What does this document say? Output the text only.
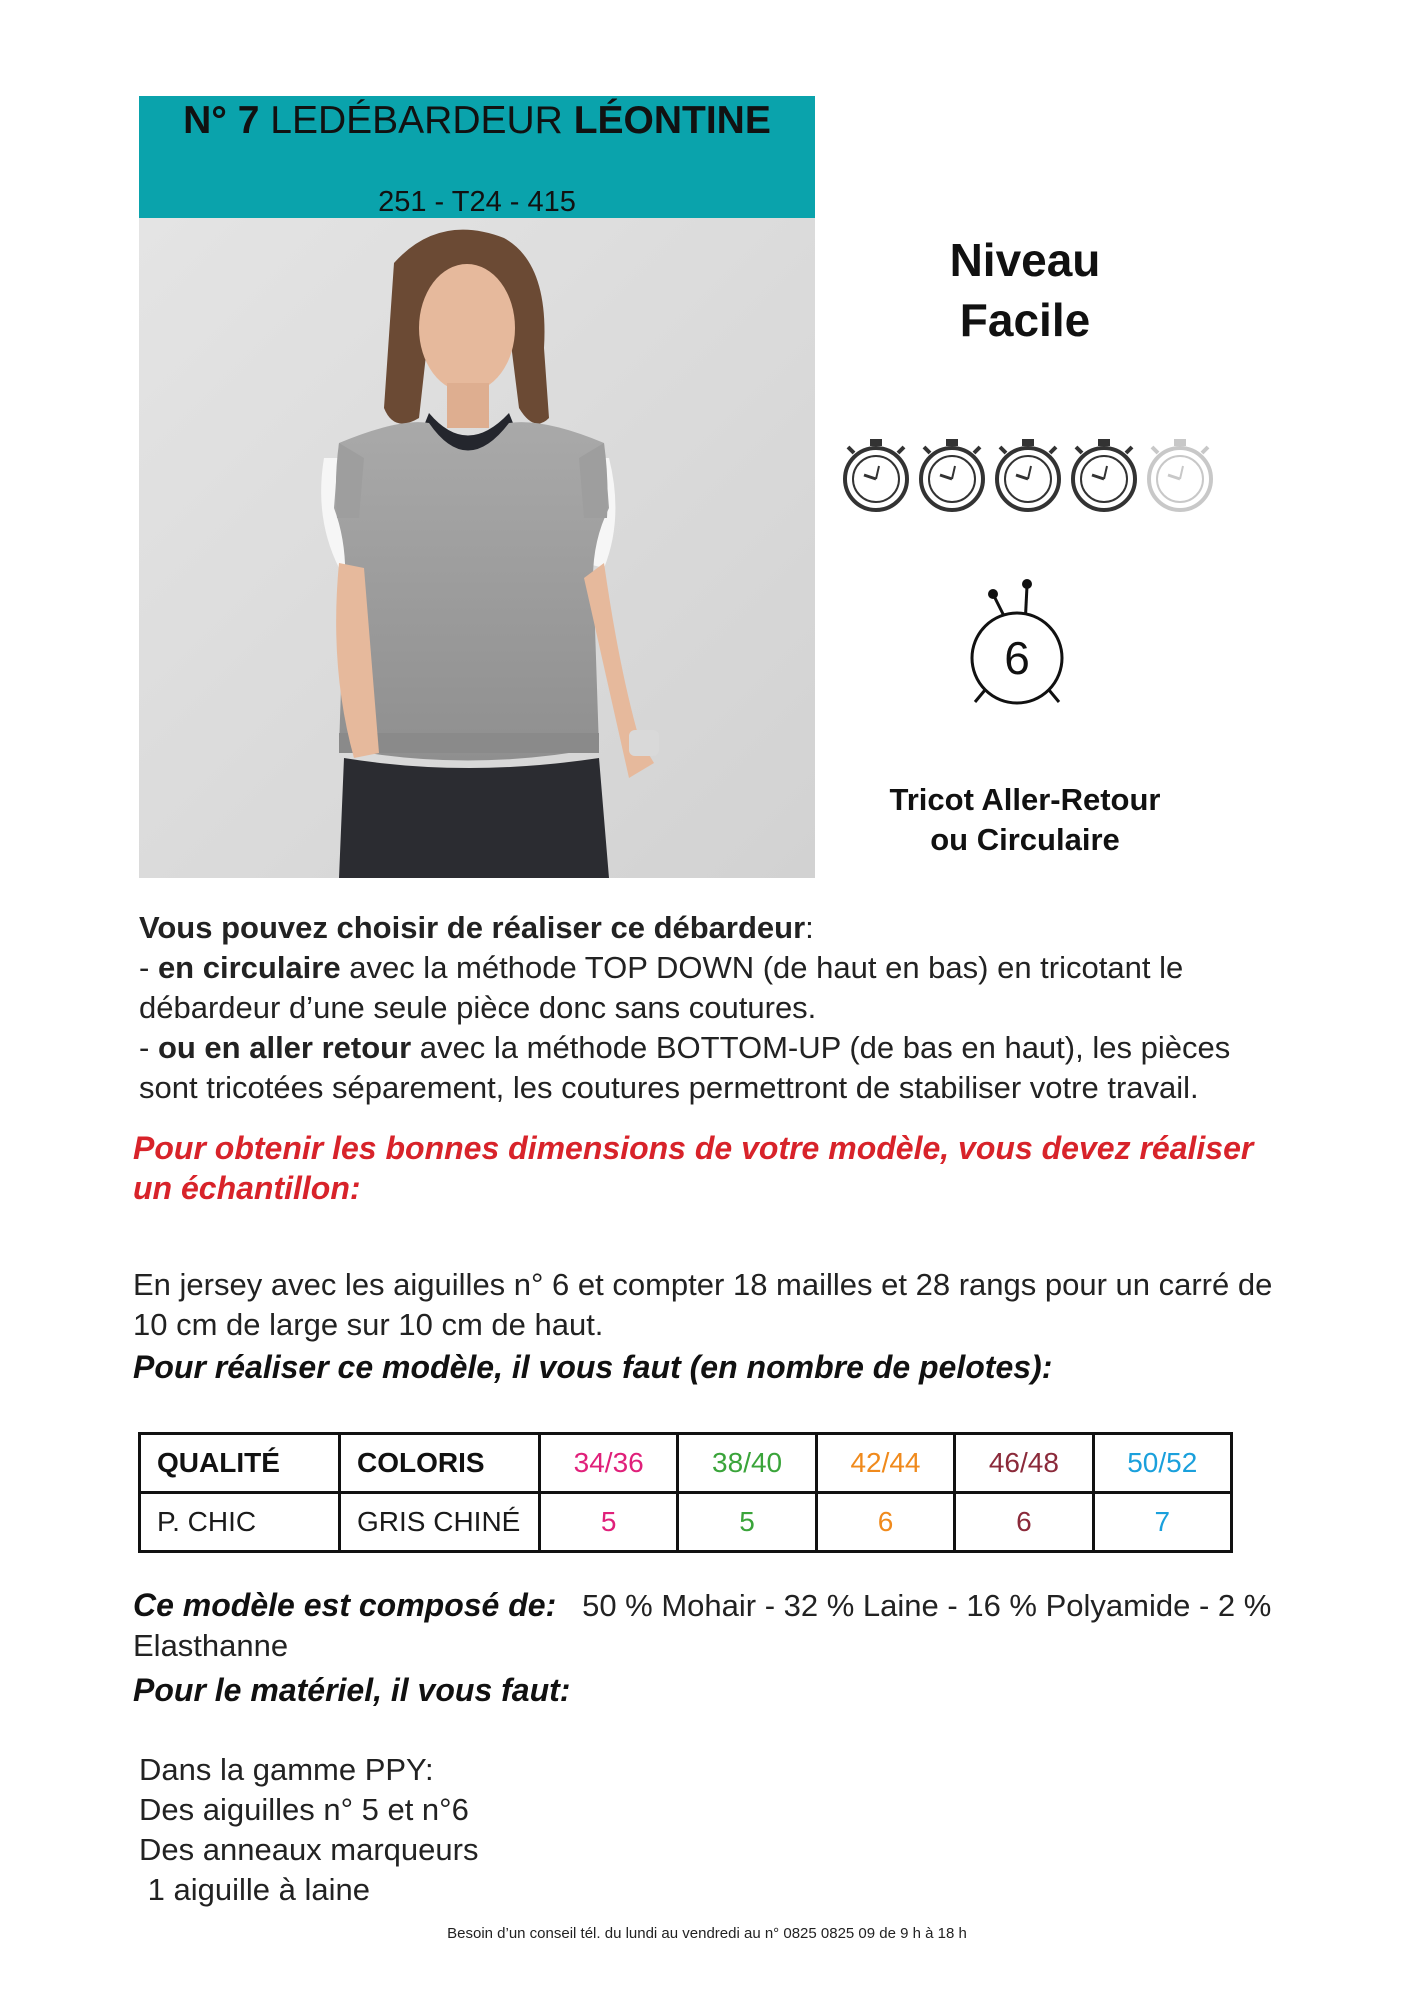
N° 7 LEDÉBARDEUR LÉONTINE
251 - T24 - 415
Niveau
Facile
6
Tricot Aller-Retour
ou Circulaire
Vous pouvez choisir de réaliser ce débardeur:
- en circulaire avec la méthode TOP DOWN (de haut en bas) en tricotant le débardeur d’une seule pièce donc sans coutures.
- ou en aller retour avec la méthode BOTTOM-UP (de bas en haut), les pièces sont tricotées séparement, les coutures permettront de stabiliser votre travail.
Pour obtenir les bonnes dimensions de votre modèle, vous devez réaliser un échantillon:
En jersey avec les aiguilles n° 6 et compter 18 mailles et 28 rangs pour un carré de 10 cm de large sur 10 cm de haut.
Pour réaliser ce modèle, il vous faut (en nombre de pelotes):
QUALITÉ	COLORIS	34/36	38/40	42/44	46/48	50/52
P. CHIC	GRIS CHINÉ	5	5	6	6	7
Ce modèle est composé de: 50 % Mohair - 32 % Laine - 16 % Polyamide - 2 % Elasthanne
Pour le matériel, il vous faut:
Dans la gamme PPY:
Des aiguilles n° 5 et n°6
Des anneaux marqueurs
1 aiguille à laine
Besoin d’un conseil tél. du lundi au vendredi au n° 0825 0825 09 de 9 h à 18 h
